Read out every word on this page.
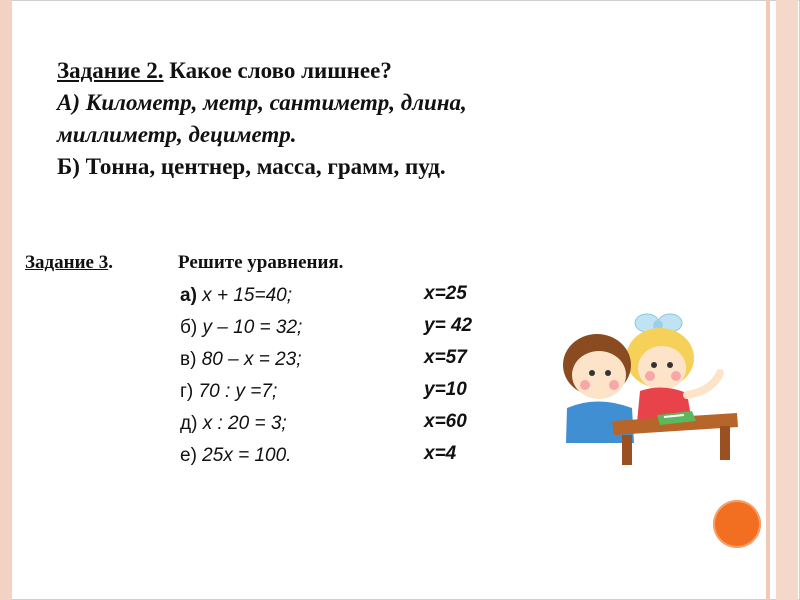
Задание 2. Какое слово лишнее?
А) Километр, метр, сантиметр, длина,
миллиметр, дециметр.
Б) Тонна, центнер, масса, грамм, пуд.
Задание 3.	Решите уравнения.
а) x + 15=40;
б) y – 10 = 32;
в) 80 – x = 23;
г) 70 : y =7;
д) x : 20 = 3;
е) 25x = 100.
x=25
y= 42
x=57
y=10
x=60
x=4
